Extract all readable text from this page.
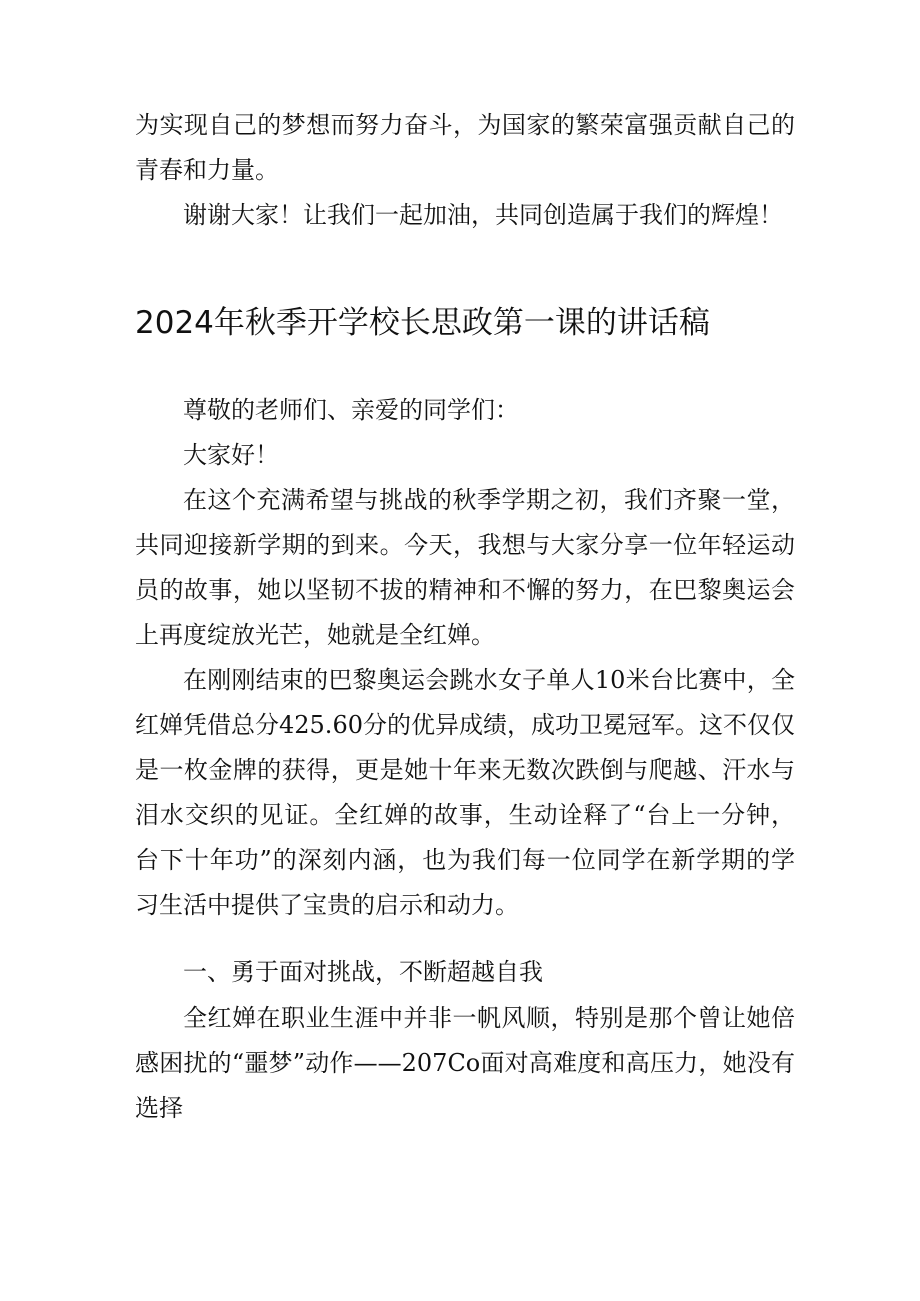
为实现自己的梦想而努力奋斗，为国家的繁荣富强贡献自己的青春和力量。

谢谢大家！让我们一起加油，共同创造属于我们的辉煌！

2024年秋季开学校长思政第一课的讲话稿

尊敬的老师们、亲爱的同学们：

大家好！

在这个充满希望与挑战的秋季学期之初，我们齐聚一堂，共同迎接新学期的到来。今天，我想与大家分享一位年轻运动员的故事，她以坚韧不拔的精神和不懈的努力，在巴黎奥运会上再度绽放光芒，她就是全红婵。

在刚刚结束的巴黎奥运会跳水女子单人10米台比赛中，全红婵凭借总分425.60分的优异成绩，成功卫冕冠军。这不仅仅是一枚金牌的获得，更是她十年来无数次跌倒与爬越、汗水与泪水交织的见证。全红婵的故事，生动诠释了“台上一分钟，台下十年功”的深刻内涵，也为我们每一位同学在新学期的学习生活中提供了宝贵的启示和动力。

一、勇于面对挑战，不断超越自我

全红婵在职业生涯中并非一帆风顺，特别是那个曾让她倍感困扰的“噩梦”动作——207Co面对高难度和高压力，她没有选择
